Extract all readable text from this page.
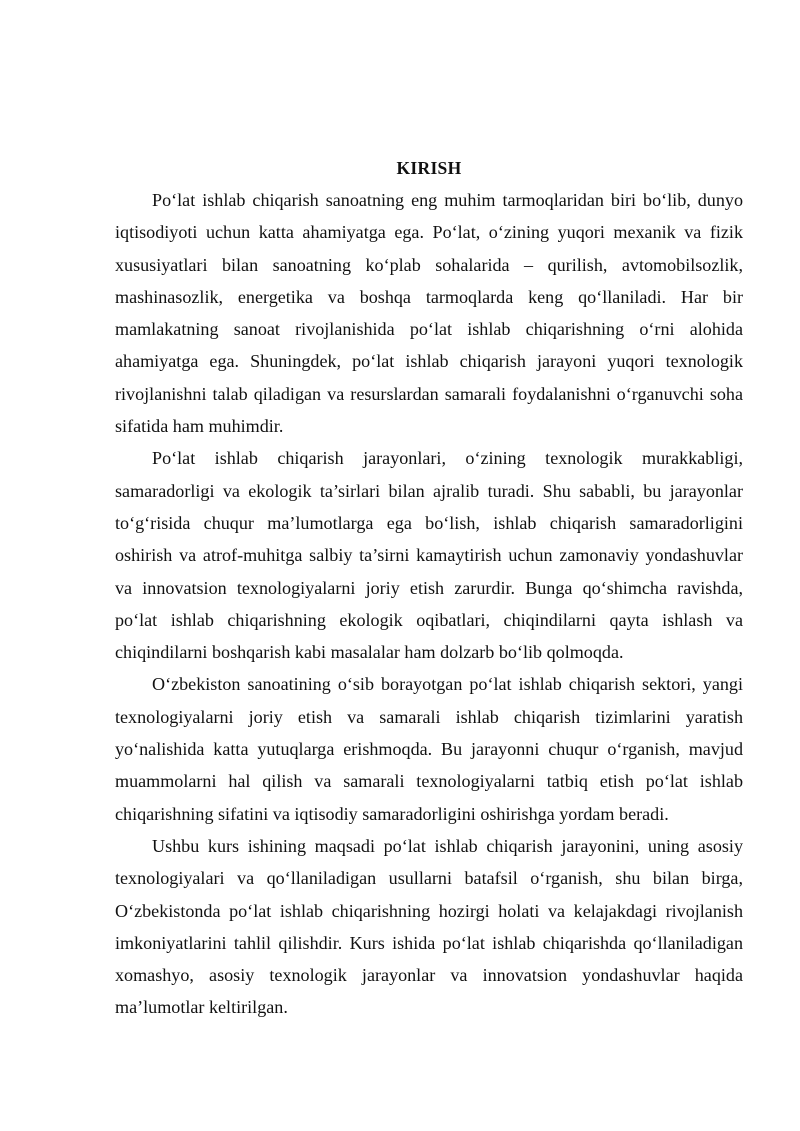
KIRISH

Po‘lat ishlab chiqarish sanoatning eng muhim tarmoqlaridan biri bo‘lib, dunyo iqtisodiyoti uchun katta ahamiyatga ega. Po‘lat, o‘zining yuqori mexanik va fizik xususiyatlari bilan sanoatning ko‘plab sohalarida – qurilish, avtomobilsozlik, mashinasozlik, energetika va boshqa tarmoqlarda keng qo‘llaniladi. Har bir mamlakatning sanoat rivojlanishida po‘lat ishlab chiqarishning o‘rni alohida ahamiyatga ega. Shuningdek, po‘lat ishlab chiqarish jarayoni yuqori texnologik rivojlanishni talab qiladigan va resurslardan samarali foydalanishni o‘rganuvchi soha sifatida ham muhimdir.

Po‘lat ishlab chiqarish jarayonlari, o‘zining texnologik murakkabligi, samaradorligi va ekologik ta’sirlari bilan ajralib turadi. Shu sababli, bu jarayonlar to‘g‘risida chuqur ma’lumotlarga ega bo‘lish, ishlab chiqarish samaradorligini oshirish va atrof-muhitga salbiy ta’sirni kamaytirish uchun zamonaviy yondashuvlar va innovatsion texnologiyalarni joriy etish zarurdir. Bunga qo‘shimcha ravishda, po‘lat ishlab chiqarishning ekologik oqibatlari, chiqindilarni qayta ishlash va chiqindilarni boshqarish kabi masalalar ham dolzarb bo‘lib qolmoqda.

O‘zbekiston sanoatining o‘sib borayotgan po‘lat ishlab chiqarish sektori, yangi texnologiyalarni joriy etish va samarali ishlab chiqarish tizimlarini yaratish yo‘nalishida katta yutuqlarga erishmoqda. Bu jarayonni chuqur o‘rganish, mavjud muammolarni hal qilish va samarali texnologiyalarni tatbiq etish po‘lat ishlab chiqarishning sifatini va iqtisodiy samaradorligini oshirishga yordam beradi.

Ushbu kurs ishining maqsadi po‘lat ishlab chiqarish jarayonini, uning asosiy texnologiyalari va qo‘llaniladigan usullarni batafsil o‘rganish, shu bilan birga, O‘zbekistonda po‘lat ishlab chiqarishning hozirgi holati va kelajakdagi rivojlanish imkoniyatlarini tahlil qilishdir. Kurs ishida po‘lat ishlab chiqarishda qo‘llaniladigan xomashyo, asosiy texnologik jarayonlar va innovatsion yondashuvlar haqida ma’lumotlar keltirilgan.
